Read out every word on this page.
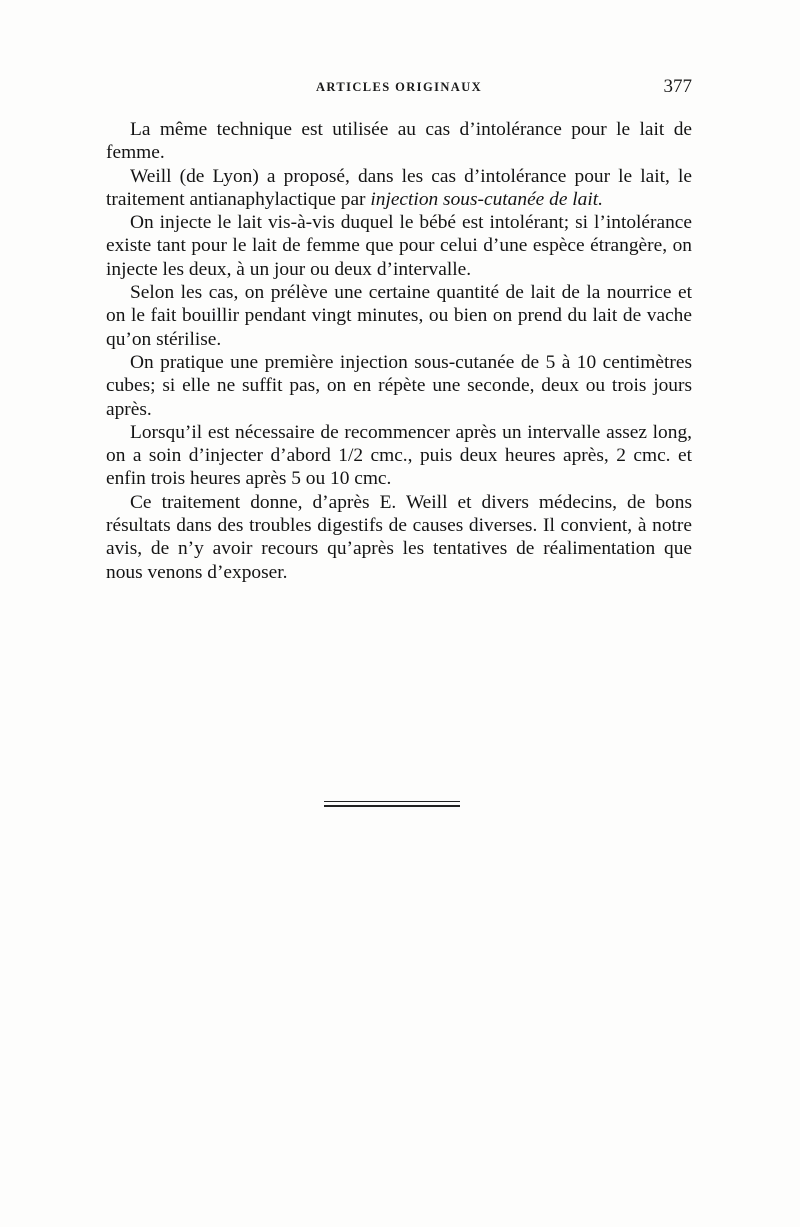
ARTICLES ORIGINAUX	377

La même technique est utilisée au cas d’intolérance pour le lait de femme.

Weill (de Lyon) a proposé, dans les cas d’intolérance pour le lait, le traitement antianaphylactique par injection sous-cutanée de lait.

On injecte le lait vis-à-vis duquel le bébé est intolérant; si l’intolérance existe tant pour le lait de femme que pour celui d’une espèce étrangère, on injecte les deux, à un jour ou deux d’intervalle.

Selon les cas, on prélève une certaine quantité de lait de la nourrice et on le fait bouillir pendant vingt minutes, ou bien on prend du lait de vache qu’on stérilise.

On pratique une première injection sous-cutanée de 5 à 10 centimètres cubes; si elle ne suffit pas, on en répète une seconde, deux ou trois jours après.

Lorsqu’il est nécessaire de recommencer après un intervalle assez long, on a soin d’injecter d’abord 1/2 cmc., puis deux heures après, 2 cmc. et enfin trois heures après 5 ou 10 cmc.

Ce traitement donne, d’après E. Weill et divers médecins, de bons résultats dans des troubles digestifs de causes diverses. Il convient, à notre avis, de n’y avoir recours qu’après les tentatives de réalimentation que nous venons d’exposer.
